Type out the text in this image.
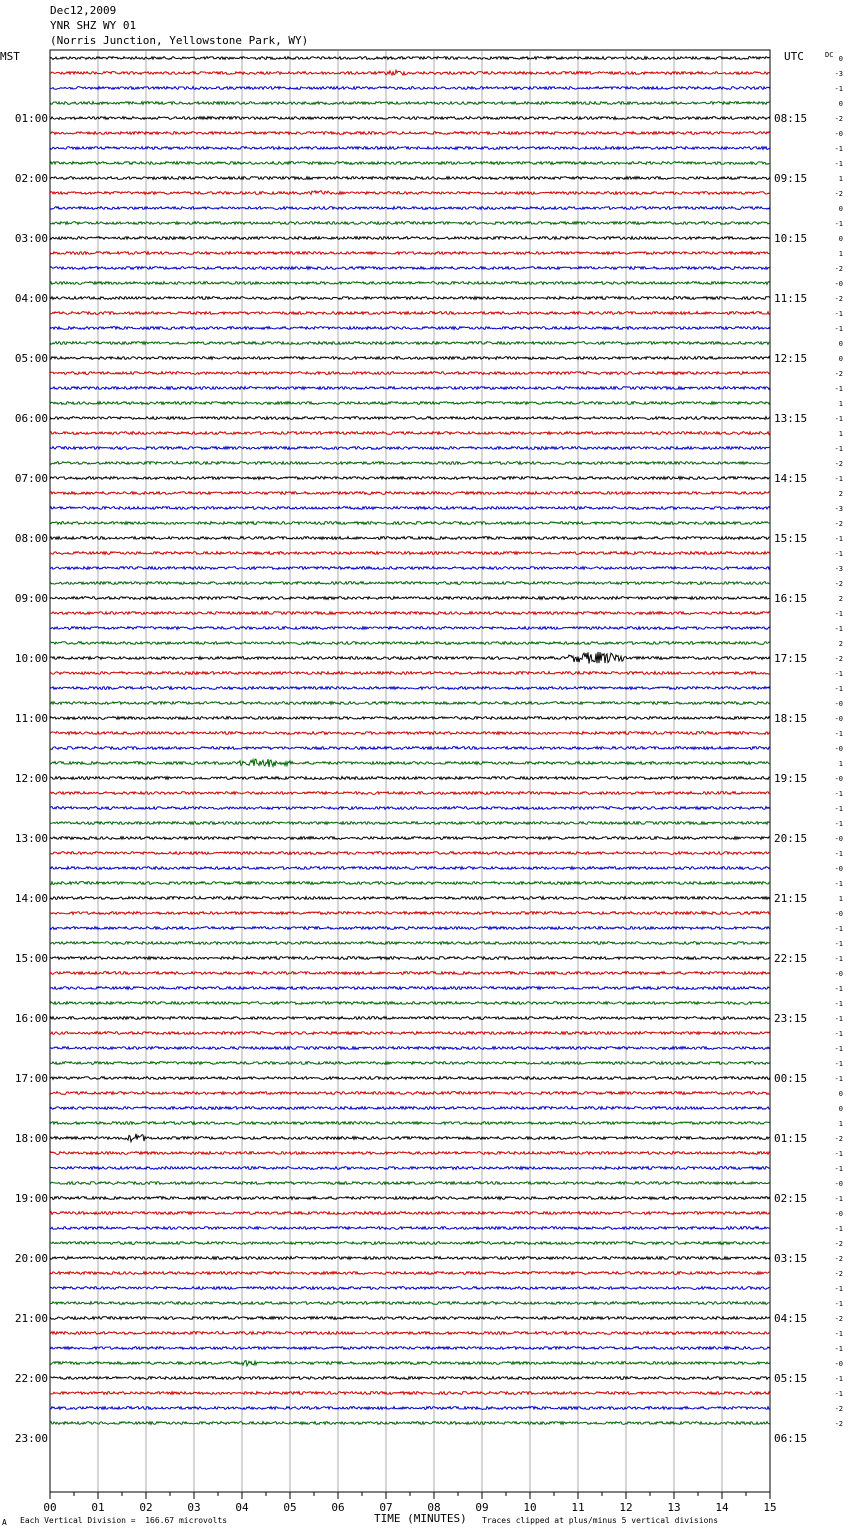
Dec12,2009
YNR SHZ WY 01
(Norris Junction, Yellowstone Park, WY)
MST	UTC	DC
00	01	02	03	04	05	06	07	08	09	10	11	12	13	14	15
0
-3
-1
0
-2
-0
-1
-1
1
-2
0
-1
0
1
-2
-0
-2
-1
-1
0
0
-2
-1
1
-1
1
-1
-2
-1
2
-3
-2
-1
-1
-3
-2
2
-1
-1
2
-2
-1
-1
-0
-0
-1
-0
1
-0
-1
-1
-1
-0
-1
-0
-1
1
-0
-1
-1
-1
-0
-1
-1
-1
-1
-1
-1
-1
0
0
1
-2
-1
-1
-0
-1
-0
-1
-2
-2
-2
-1
-1
-2
-1
-1
-0
-1
-1
-2
-2
01:00
02:00
03:00
04:00
05:00
06:00
07:00
08:00
09:00
10:00
11:00
12:00
13:00
14:00
15:00
16:00
17:00
18:00
19:00
20:00
21:00
22:00
23:00
08:15
09:15
10:15
11:15
12:15
13:15
14:15
15:15
16:15
17:15
18:15
19:15
20:15
21:15
22:15
23:15
00:15
01:15
02:15
03:15
04:15
05:15
06:15
A Each Vertical Division =  166.67 microvolts	TIME (MINUTES) Traces clipped at plus/minus 5 vertical divisions
